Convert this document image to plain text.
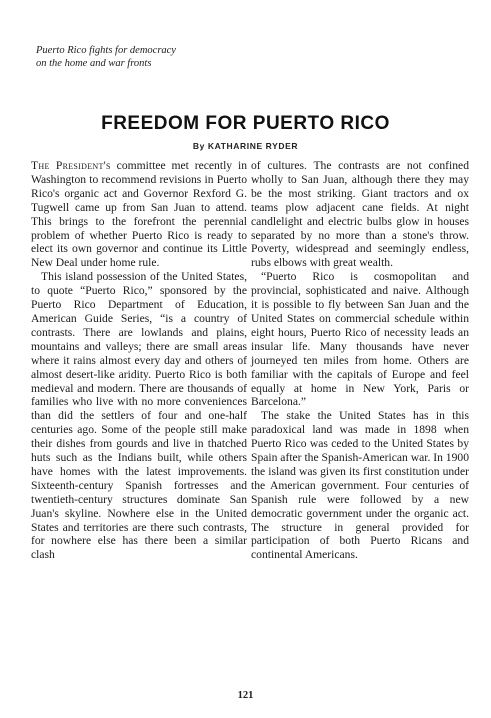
Puerto Rico fights for democracy
on the home and war fronts
FREEDOM FOR PUERTO RICO
By KATHARINE RYDER

The President's committee met recently in Washington to recommend revisions in Puerto Rico's organic act and Governor Rexford G. Tugwell came up from San Juan to attend. This brings to the forefront the perennial problem of whether Puerto Rico is ready to elect its own governor and continue its Little New Deal under home rule.

This island possession of the United States, to quote “Puerto Rico,” sponsored by the Puerto Rico Department of Education, American Guide Series, “is a country of contrasts. There are lowlands and plains, mountains and valleys; there are small areas where it rains almost every day and others of almost desert-like aridity. Puerto Rico is both medieval and modern. There are thousands of families who live with no more conveniences than did the settlers of four and one-half centuries ago. Some of the people still make their dishes from gourds and live in thatched huts such as the Indians built, while others have homes with the latest improvements. Sixteenth-century Spanish fortresses and twentieth-century structures dominate San Juan's skyline. Nowhere else in the United States and territories are there such contrasts, for nowhere else has there been a similar clash

of cultures. The contrasts are not confined wholly to San Juan, although there they may be the most striking. Giant tractors and ox teams plow adjacent cane fields. At night candlelight and electric bulbs glow in houses separated by no more than a stone's throw. Poverty, widespread and seemingly endless, rubs elbows with great wealth.

“Puerto Rico is cosmopolitan and provincial, sophisticated and naive. Although it is possible to fly between San Juan and the United States on commercial schedule within eight hours, Puerto Rico of necessity leads an insular life. Many thousands have never journeyed ten miles from home. Others are familiar with the capitals of Europe and feel equally at home in New York, Paris or Barcelona.”

The stake the United States has in this paradoxical land was made in 1898 when Puerto Rico was ceded to the United States by Spain after the Spanish-American war. In 1900 the island was given its first constitution under the American government. Four centuries of Spanish rule were followed by a new democratic government under the organic act. The structure in general provided for participation of both Puerto Ricans and continental Americans.

121
